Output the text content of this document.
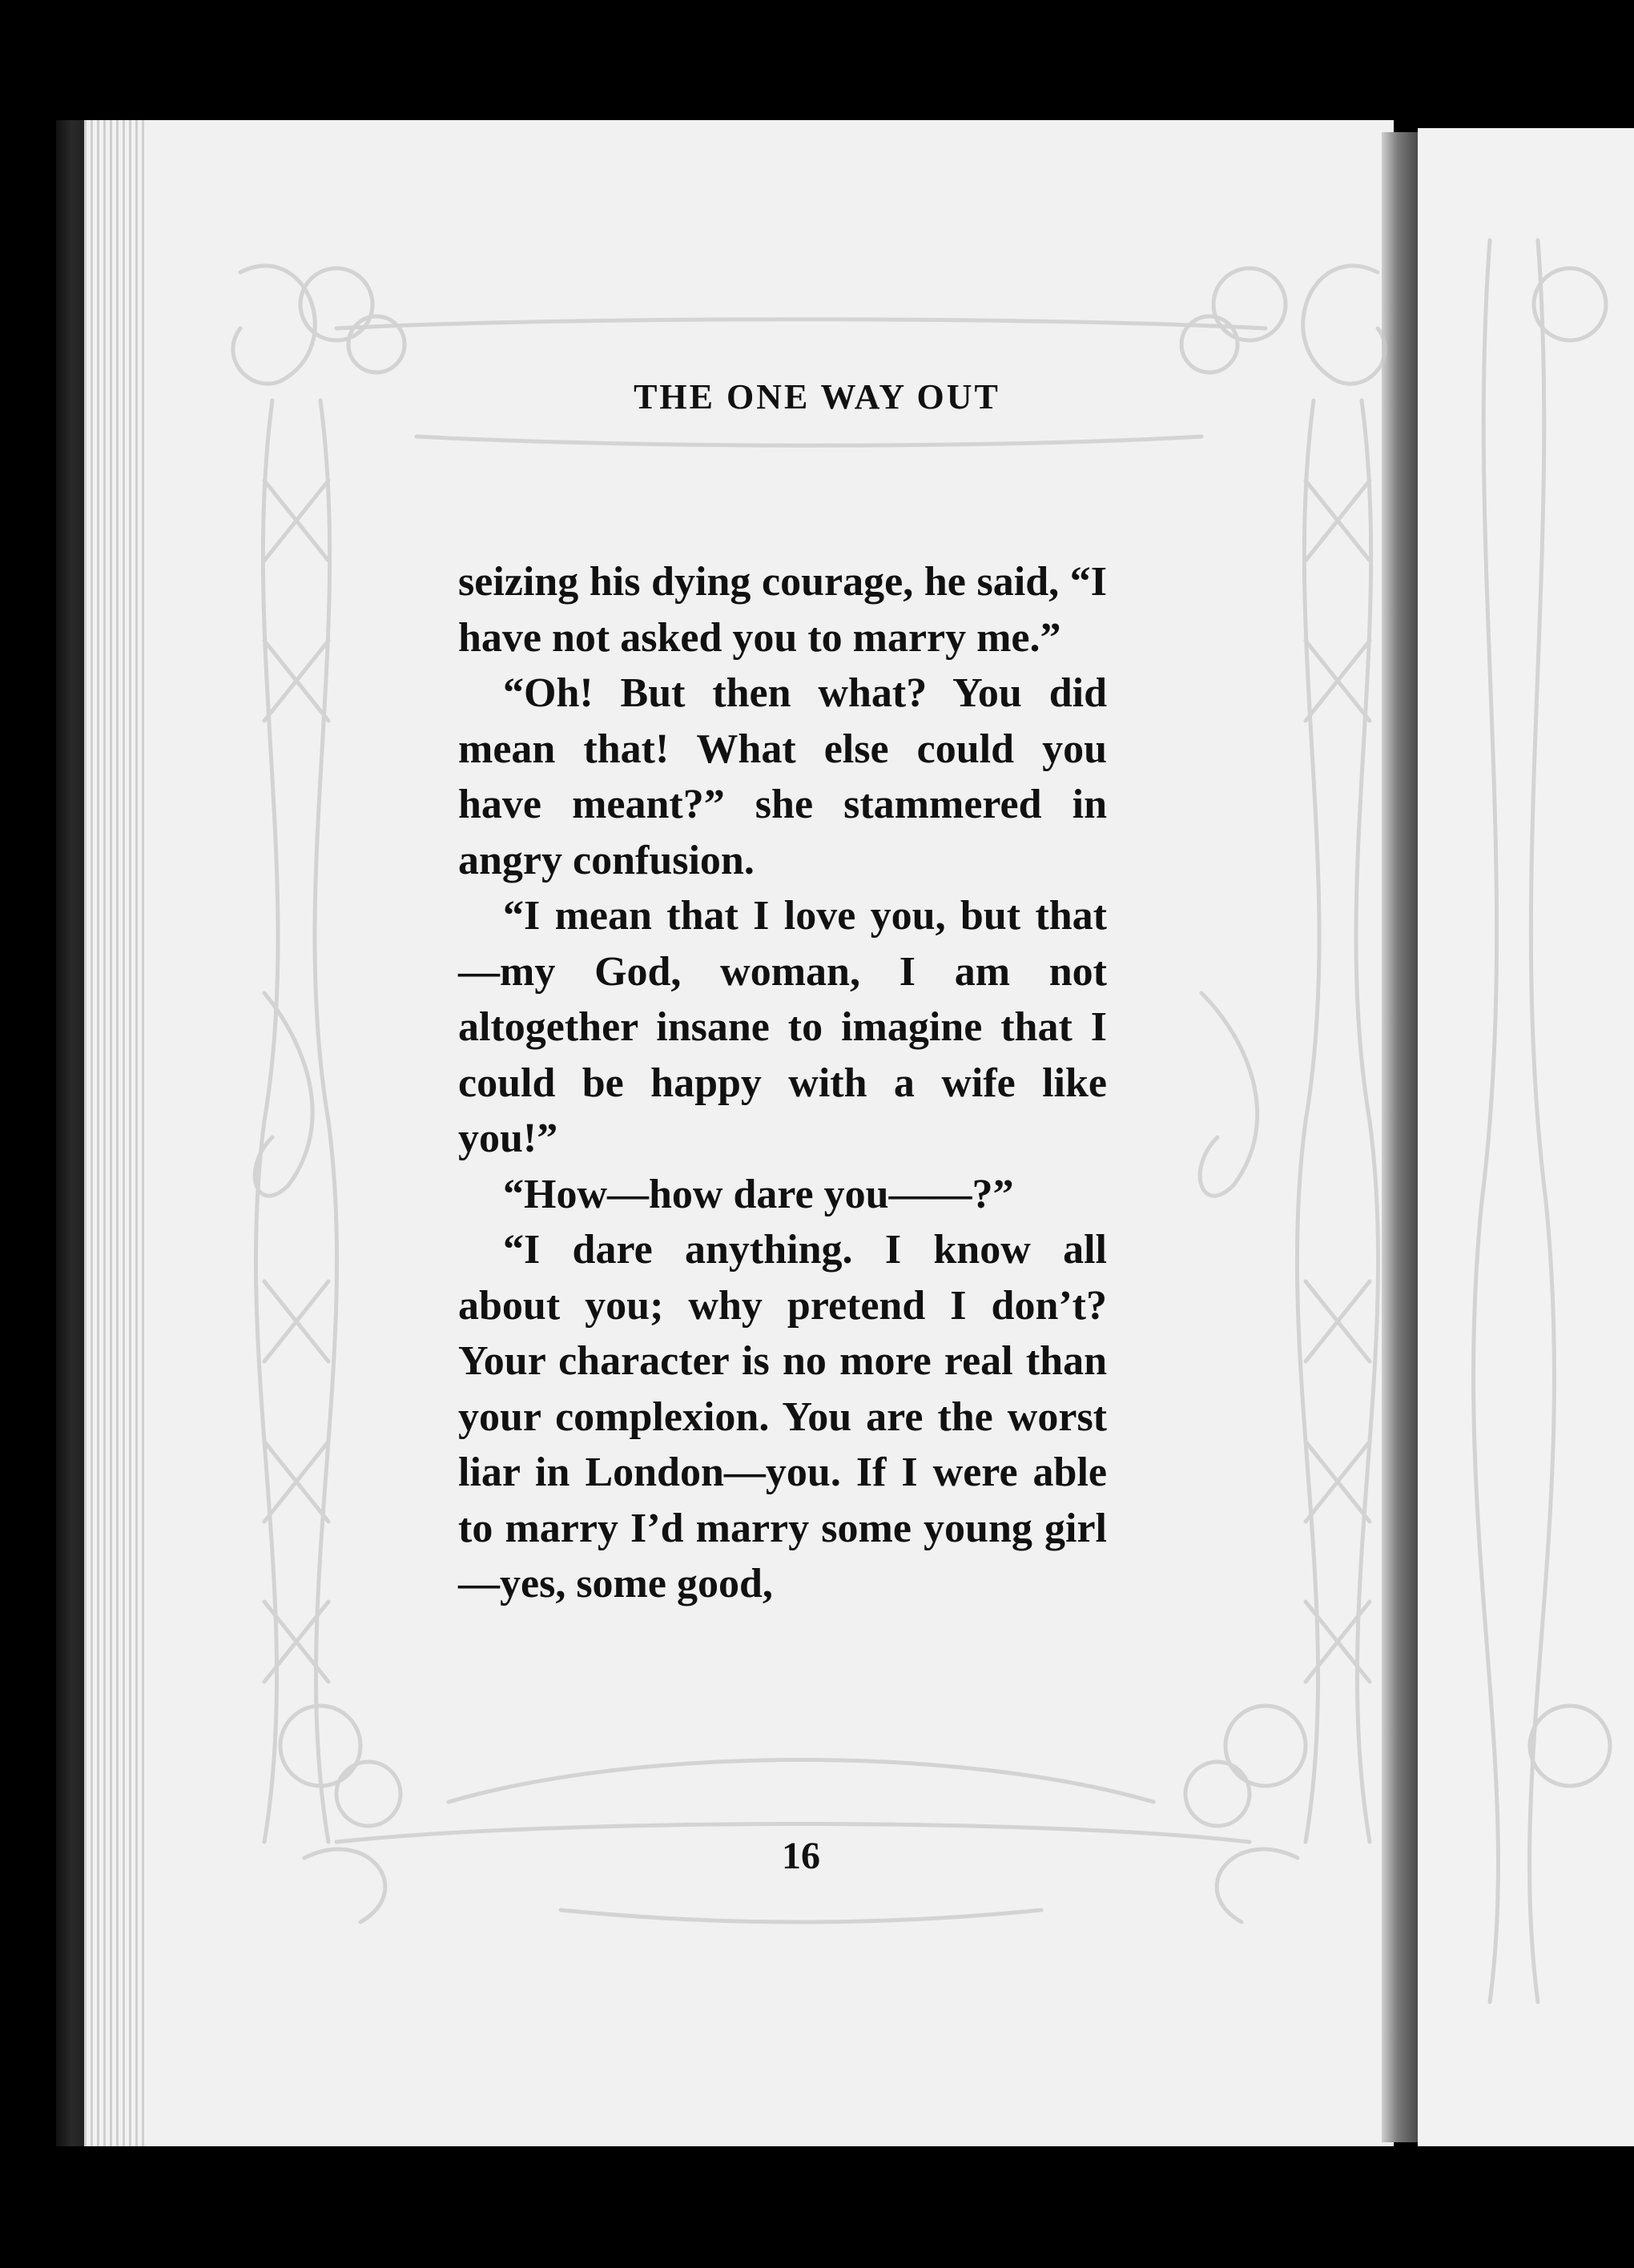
THE ONE WAY OUT

seizing his dying courage, he said, “I have not asked you to marry me.”

“Oh! But then what? You did mean that! What else could you have meant?” she stammered in angry confusion.

“I mean that I love you, but that—my God, woman, I am not altogether insane to imagine that I could be happy with a wife like you!”

“How—how dare you——?”

“I dare anything. I know all about you; why pretend I don’t? Your character is no more real than your complexion. You are the worst liar in London—you. If I were able to marry I’d marry some young girl—yes, some good,

16
